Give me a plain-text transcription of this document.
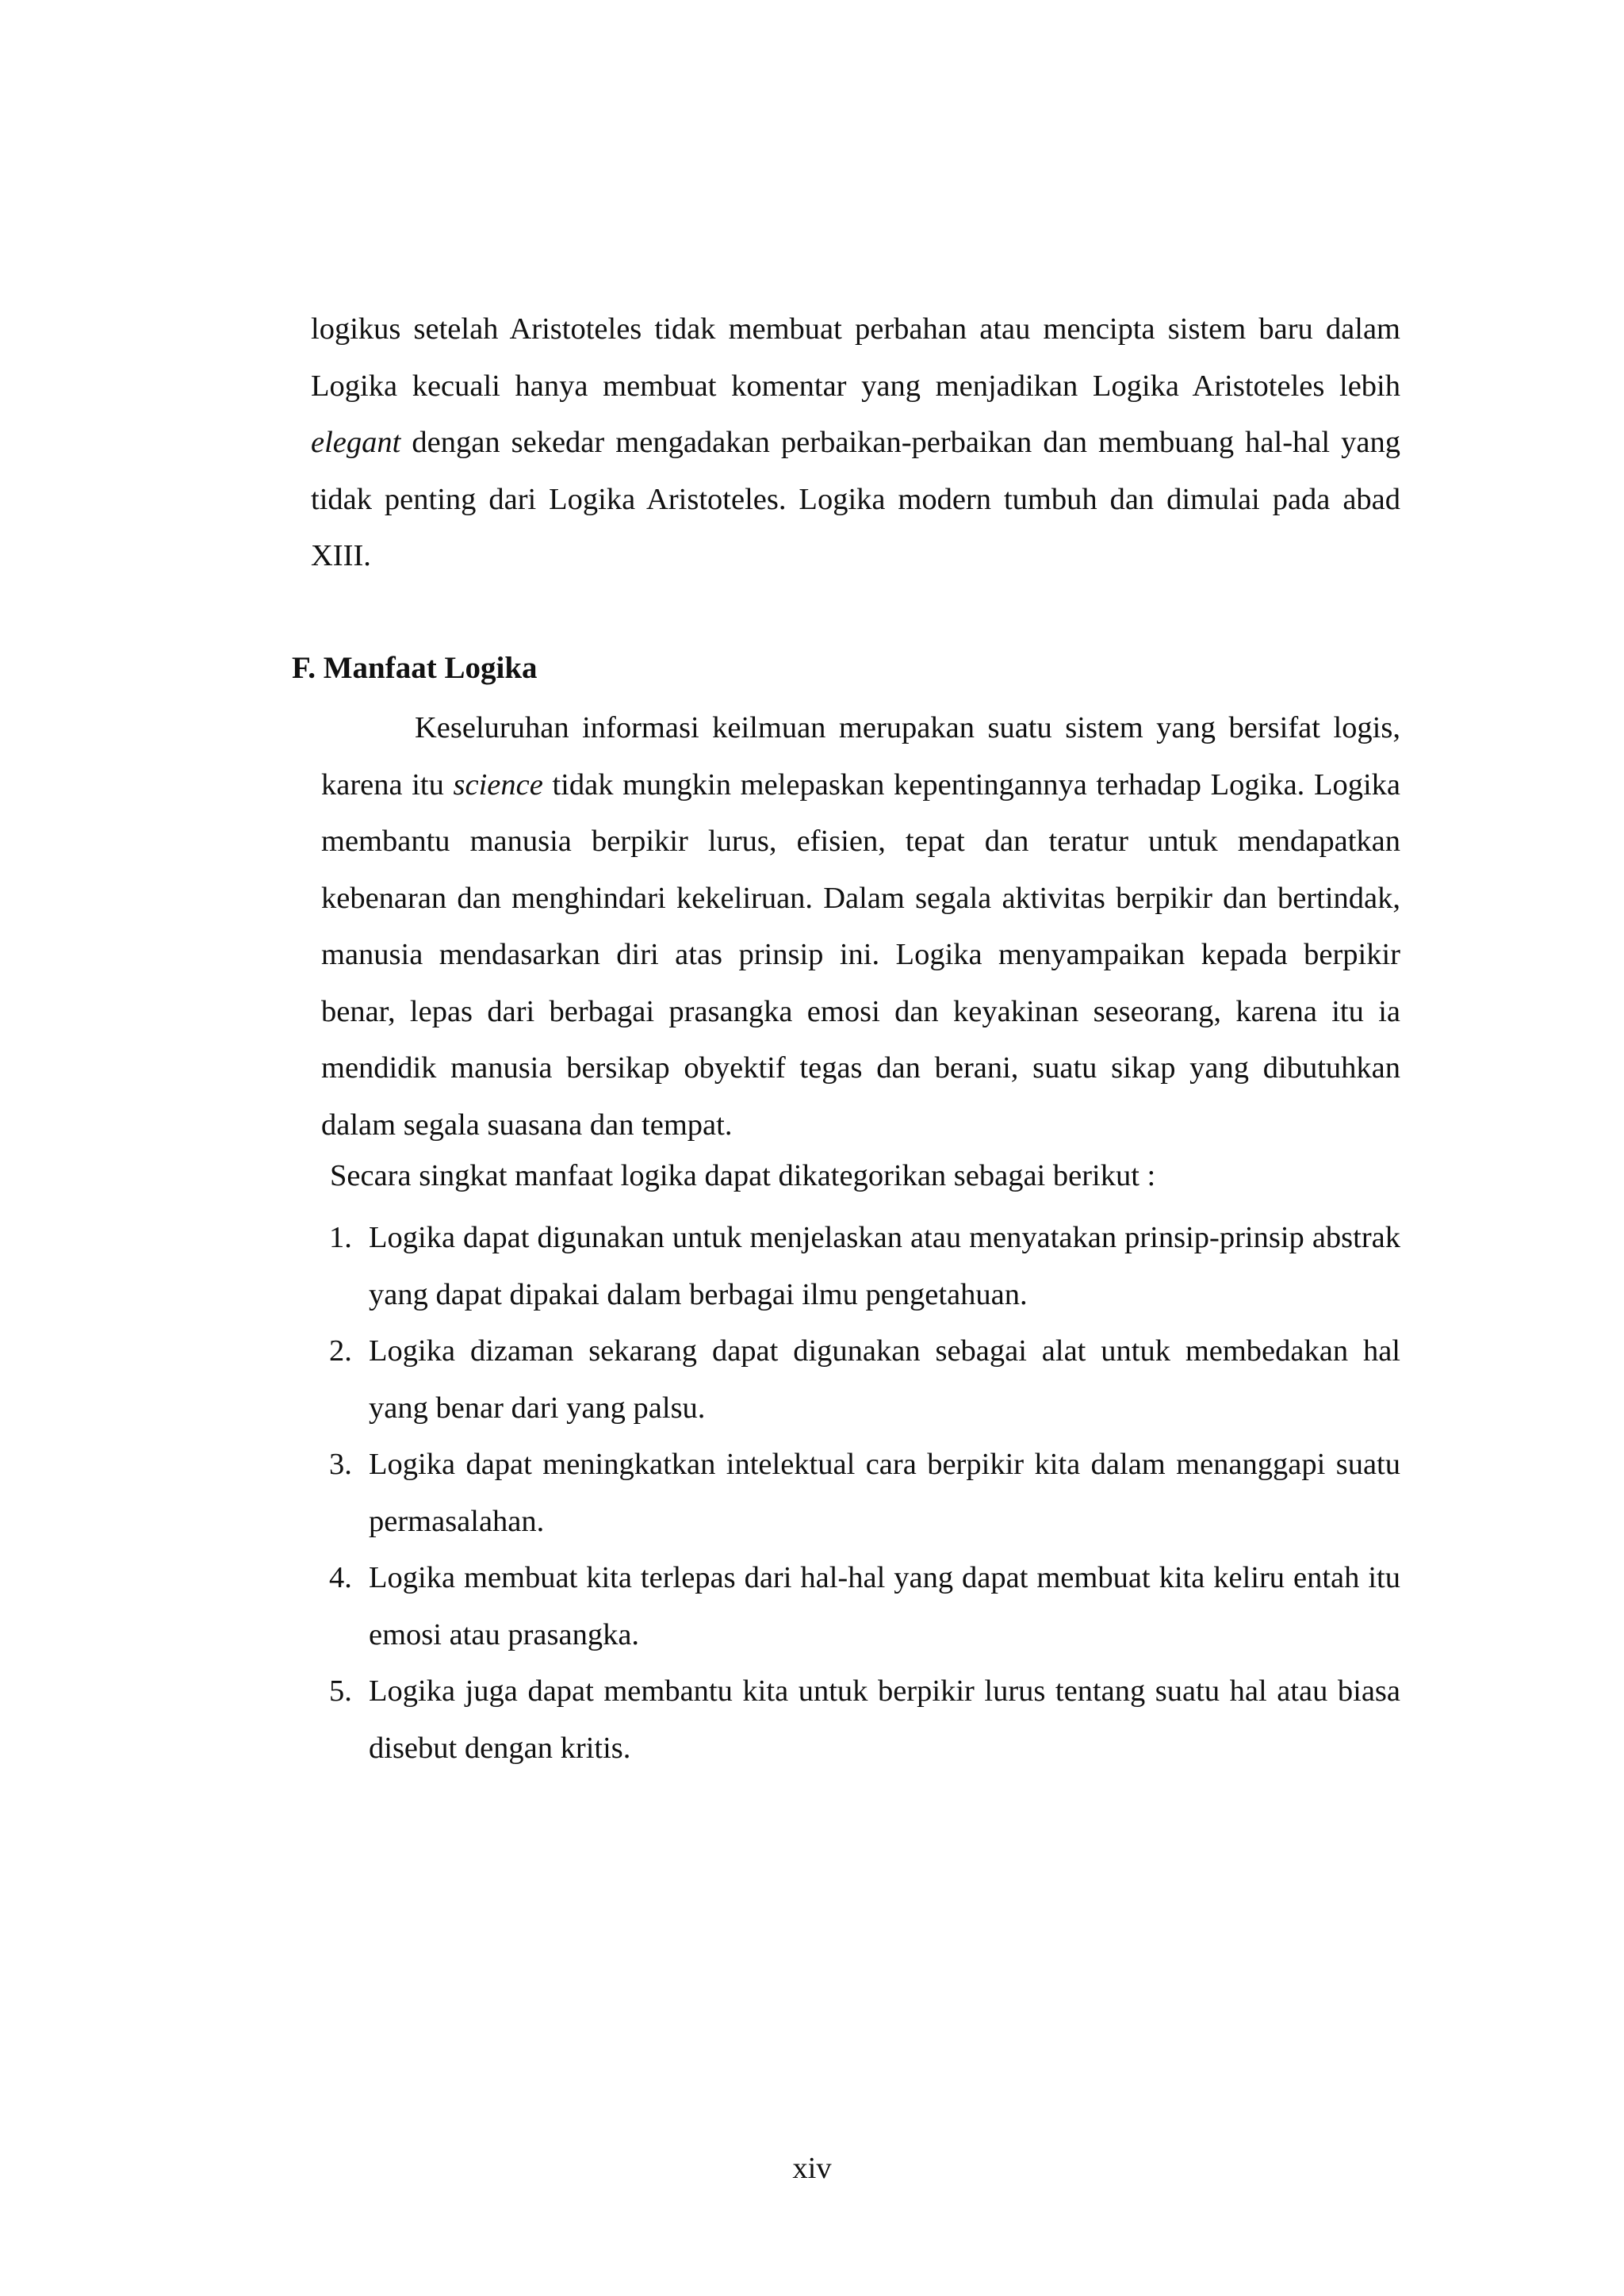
logikus setelah Aristoteles tidak membuat perbahan atau mencipta sistem baru dalam Logika kecuali hanya membuat komentar yang menjadikan Logika Aristoteles lebih elegant dengan sekedar mengadakan perbaikan-perbaikan dan membuang hal-hal yang tidak penting dari Logika Aristoteles. Logika modern tumbuh dan dimulai pada abad XIII.

F. Manfaat Logika

Keseluruhan informasi keilmuan merupakan suatu sistem yang bersifat logis, karena itu science tidak mungkin melepaskan kepentingannya terhadap Logika. Logika membantu manusia berpikir lurus, efisien, tepat dan teratur untuk mendapatkan kebenaran dan menghindari kekeliruan. Dalam segala aktivitas berpikir dan bertindak, manusia mendasarkan diri atas prinsip ini. Logika menyampaikan kepada berpikir benar, lepas dari berbagai prasangka emosi dan keyakinan seseorang, karena itu ia mendidik manusia bersikap obyektif tegas dan berani, suatu sikap yang dibutuhkan dalam segala suasana dan tempat.

Secara singkat manfaat logika dapat dikategorikan sebagai berikut :

1. Logika dapat digunakan untuk menjelaskan atau menyatakan prinsip-prinsip abstrak yang dapat dipakai dalam berbagai ilmu pengetahuan.
2. Logika dizaman sekarang dapat digunakan sebagai alat untuk membedakan hal yang benar dari yang palsu.
3. Logika dapat meningkatkan intelektual cara berpikir kita dalam menanggapi suatu permasalahan.
4. Logika membuat kita terlepas dari hal-hal yang dapat membuat kita keliru entah itu emosi atau prasangka.
5. Logika juga dapat membantu kita untuk berpikir lurus tentang suatu hal atau biasa disebut dengan kritis.

xiv
